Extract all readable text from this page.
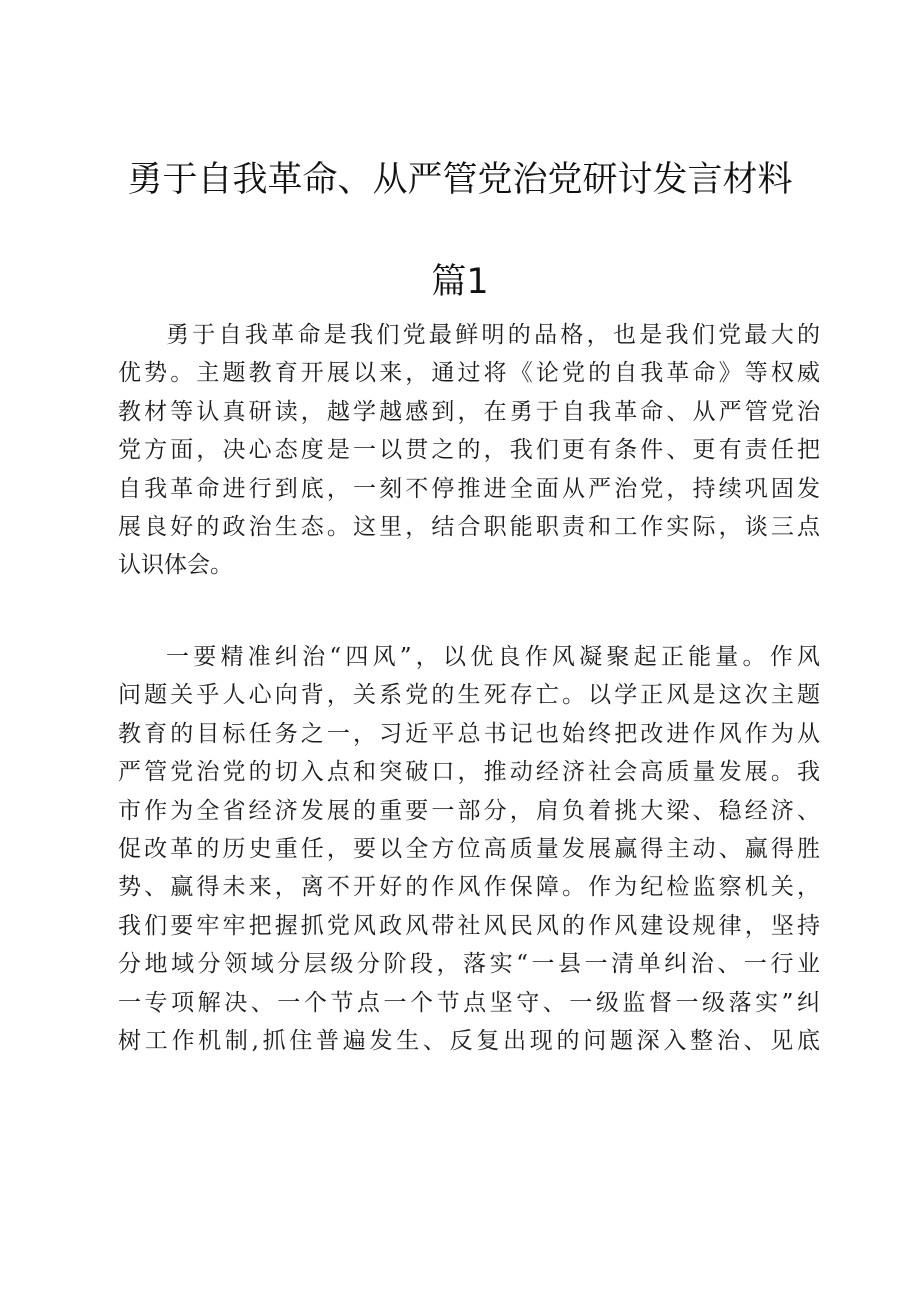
勇于自我革命、从严管党治党研讨发言材料
篇1
勇于自我革命是我们党最鲜明的品格，也是我们党最大的
优势。主题教育开展以来，通过将《论党的自我革命》等权威
教材等认真研读，越学越感到，在勇于自我革命、从严管党治
党方面，决心态度是一以贯之的，我们更有条件、更有责任把
自我革命进行到底，一刻不停推进全面从严治党，持续巩固发
展良好的政治生态。这里，结合职能职责和工作实际，谈三点
认识体会。
一要精准纠治“四风”，以优良作风凝聚起正能量。作风
问题关乎人心向背，关系党的生死存亡。以学正风是这次主题
教育的目标任务之一，习近平总书记也始终把改进作风作为从
严管党治党的切入点和突破口，推动经济社会高质量发展。我
市作为全省经济发展的重要一部分，肩负着挑大梁、稳经济、
促改革的历史重任，要以全方位高质量发展赢得主动、赢得胜
势、赢得未来，离不开好的作风作保障。作为纪检监察机关，
我们要牢牢把握抓党风政风带社风民风的作风建设规律，坚持
分地域分领域分层级分阶段，落实“一县一清单纠治、一行业
一专项解决、一个节点一个节点坚守、一级监督一级落实”纠
树工作机制,抓住普遍发生、反复出现的问题深入整治、见底
